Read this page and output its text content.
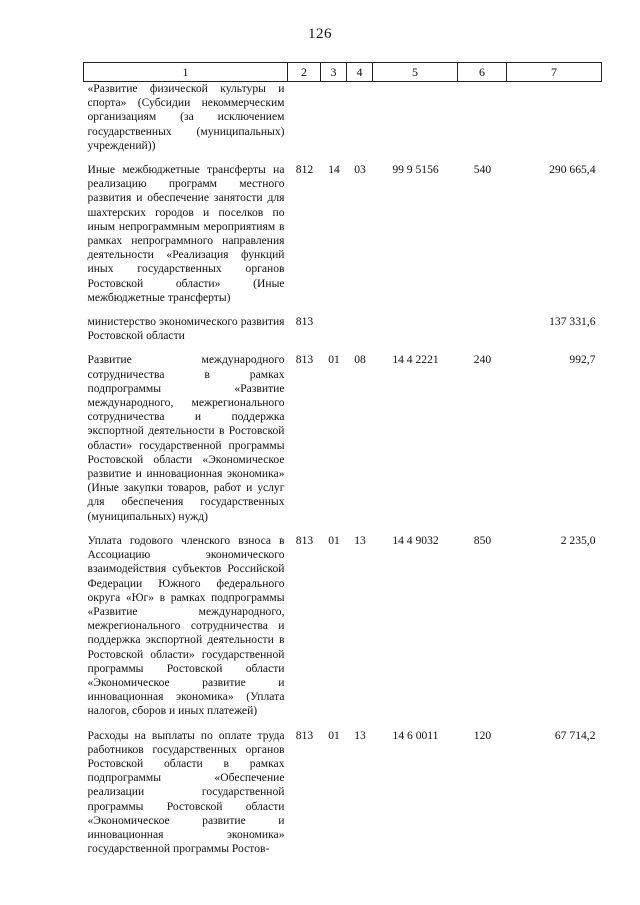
126
1	2	3	4	5	6	7
«Развитие физической культуры и спорта» (Субсидии некоммерческим организациям (за исключением государственных (муниципальных) учреждений))						
Иные межбюджетные трансферты на реализацию программ местного развития и обеспечение занятости для шахтерских городов и поселков по иным непрограммным мероприятиям в рамках непрограммного направления деятельности «Реализация функций иных государственных органов Ростовской области» (Иные межбюджетные трансферты)	812	14	03	99 9 5156	540	290 665,4
министерство экономического развития Ростовской области	813					137 331,6
Развитие международного сотрудничества в рамках подпрограммы «Развитие международного, межрегионального сотрудничества и поддержка экспортной деятельности в Ростовской области» государственной программы Ростовской области «Экономическое развитие и инновационная экономика» (Иные закупки товаров, работ и услуг для обеспечения государственных (муниципальных) нужд)	813	01	08	14 4 2221	240	992,7
Уплата годового членского взноса в Ассоциацию экономического взаимодействия субъектов Российской Федерации Южного федерального округа «Юг» в рамках подпрограммы «Развитие международного, межрегионального сотрудничества и поддержка экспортной деятельности в Ростовской области» государственной программы Ростовской области «Экономическое развитие и инновационная экономика» (Уплата налогов, сборов и иных платежей)	813	01	13	14 4 9032	850	2 235,0
Расходы на выплаты по оплате труда работников государственных органов Ростовской области в рамках подпрограммы «Обеспечение реализации государственной программы Ростовской области «Экономическое развитие и инновационная экономика» государственной программы Ростов-	813	01	13	14 6 0011	120	67 714,2
